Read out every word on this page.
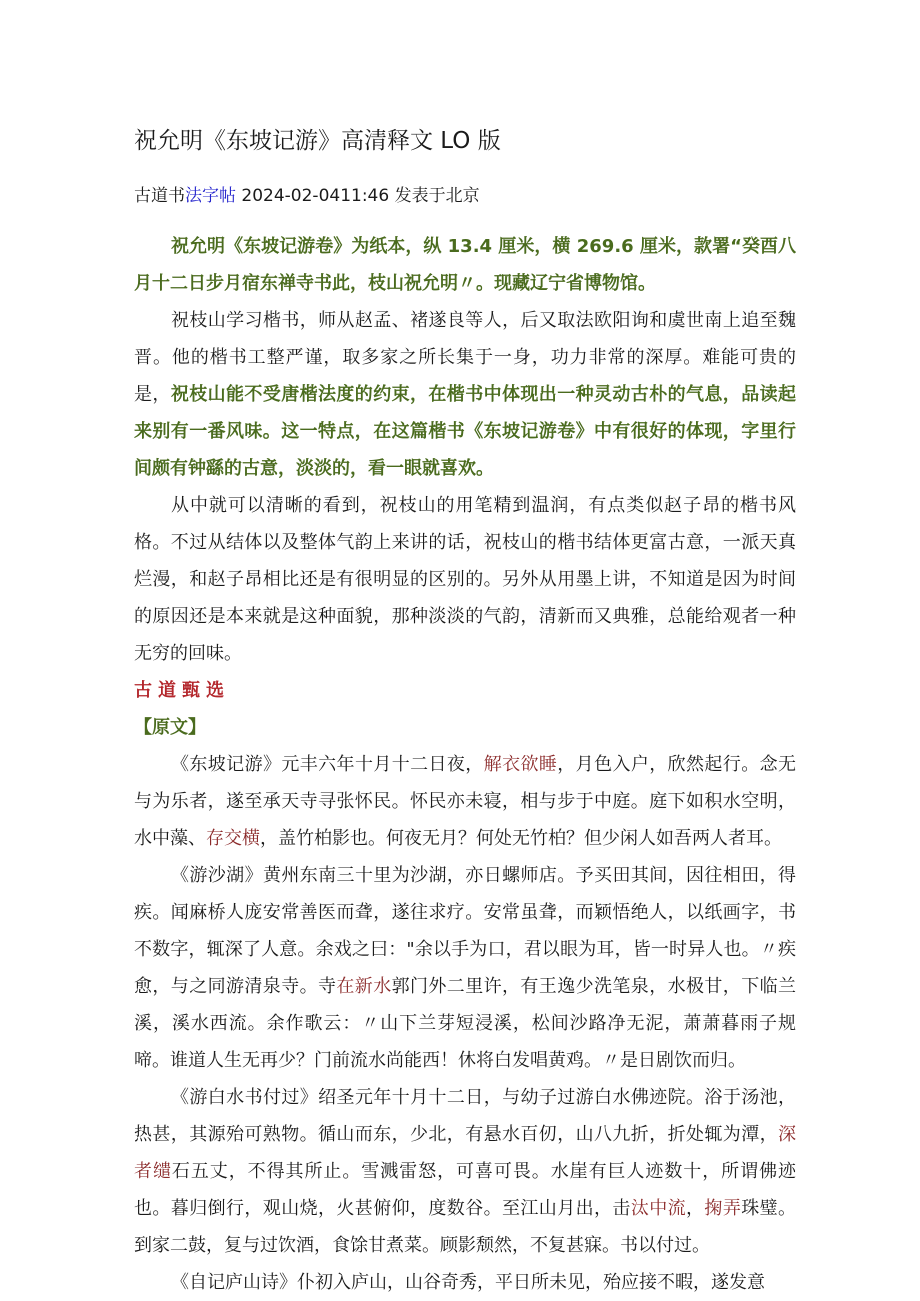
祝允明《东坡记游》高清释文 LO 版
古道书法字帖 2024-02-0411:46 发表于北京

祝允明《东坡记游卷》为纸本，纵 13.4 厘米，横 269.6 厘米，款署“癸酉八月十二日步月宿东禅寺书此，枝山祝允明〃。现藏辽宁省博物馆。

祝枝山学习楷书，师从赵孟、褚遂良等人，后又取法欧阳询和虞世南上追至魏晋。他的楷书工整严谨，取多家之所长集于一身，功力非常的深厚。难能可贵的是，祝枝山能不受唐楷法度的约束，在楷书中体现出一种灵动古朴的气息，品读起来别有一番风味。这一特点，在这篇楷书《东坡记游卷》中有很好的体现，字里行间颇有钟繇的古意，淡淡的，看一眼就喜欢。

从中就可以清晰的看到，祝枝山的用笔精到温润，有点类似赵子昂的楷书风格。不过从结体以及整体气韵上来讲的话，祝枝山的楷书结体更富古意，一派天真烂漫，和赵子昂相比还是有很明显的区别的。另外从用墨上讲，不知道是因为时间的原因还是本来就是这种面貌，那种淡淡的气韵，清新而又典雅，总能给观者一种无穷的回味。

古道甄选

【原文】

《东坡记游》元丰六年十月十二日夜，解衣欲睡，月色入户，欣然起行。念无与为乐者，遂至承天寺寻张怀民。怀民亦未寝，相与步于中庭。庭下如积水空明，水中藻、存交横，盖竹柏影也。何夜无月？何处无竹柏？但少闲人如吾两人者耳。

《游沙湖》黄州东南三十里为沙湖，亦日螺师店。予买田其间，因往相田，得疾。闻麻桥人庞安常善医而聋，遂往求疗。安常虽聋，而颖悟绝人，以纸画字，书不数字，辄深了人意。余戏之曰："余以手为口，君以眼为耳，皆一时异人也。〃疾愈，与之同游清泉寺。寺在新水郭门外二里许，有王逸少洗笔泉，水极甘，下临兰溪，溪水西流。余作歌云：〃山下兰芽短浸溪，松间沙路净无泥，萧萧暮雨子规啼。谁道人生无再少？门前流水尚能西！休将白发唱黄鸡。〃是日剧饮而归。

《游白水书付过》绍圣元年十月十二日，与幼子过游白水佛迹院。浴于汤池，热甚，其源殆可熟物。循山而东，少北，有悬水百仞，山八九折，折处辄为潭，深者缱石五丈，不得其所止。雪溅雷怒，可喜可畏。水崖有巨人迹数十，所谓佛迹也。暮归倒行，观山烧，火甚俯仰，度数谷。至江山月出，击汰中流，掬弄珠璧。到家二鼓，复与过饮酒，食馀甘煮菜。顾影颓然，不复甚寐。书以付过。

《自记庐山诗》仆初入庐山，山谷奇秀，平日所未见，殆应接不暇，遂发意
